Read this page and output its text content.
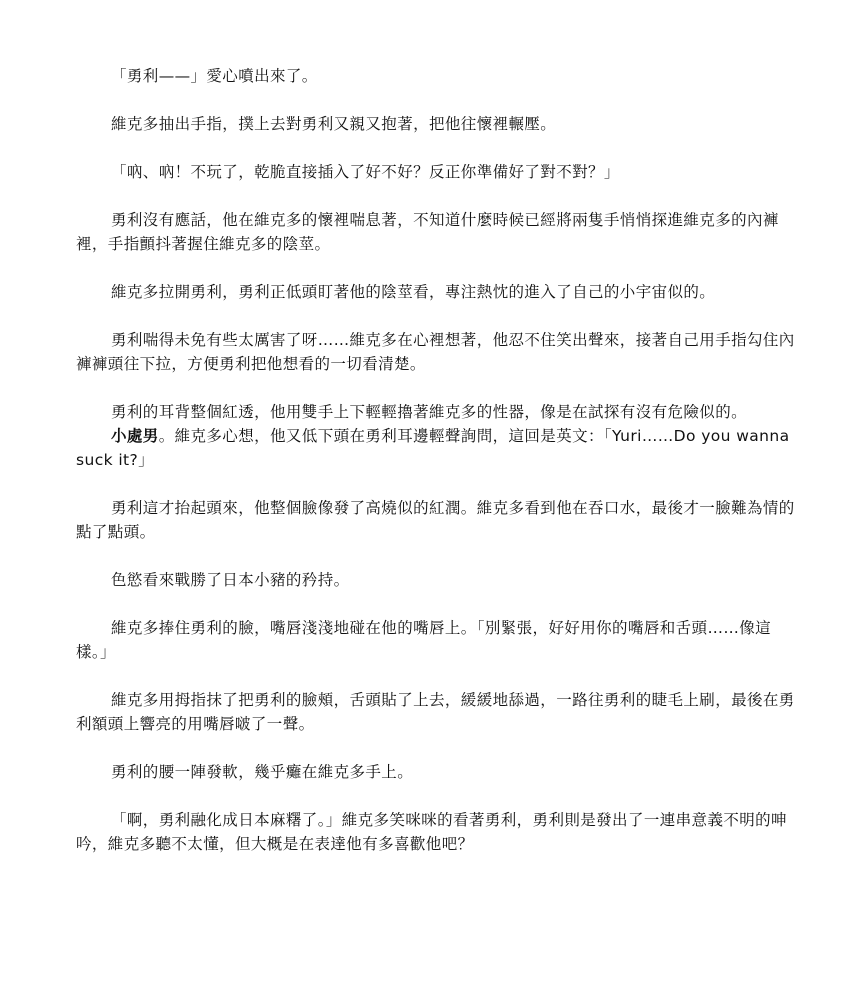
「勇利——」愛心噴出來了。

維克多抽出手指，撲上去對勇利又親又抱著，把他往懷裡輾壓。

「吶、吶！不玩了，乾脆直接插入了好不好？反正你準備好了對不對？」

勇利沒有應話，他在維克多的懷裡喘息著，不知道什麼時候已經將兩隻手悄悄探進維克多的內褲裡，手指顫抖著握住維克多的陰莖。

維克多拉開勇利，勇利正低頭盯著他的陰莖看，專注熱忱的進入了自己的小宇宙似的。

勇利喘得未免有些太厲害了呀……維克多在心裡想著，他忍不住笑出聲來，接著自己用手指勾住內褲褲頭往下拉，方便勇利把他想看的一切看清楚。

勇利的耳背整個紅透，他用雙手上下輕輕擼著維克多的性器，像是在試探有沒有危險似的。

小處男。維克多心想，他又低下頭在勇利耳邊輕聲詢問，這回是英文：「Yuri……Do you wanna suck it?」

勇利這才抬起頭來，他整個臉像發了高燒似的紅潤。維克多看到他在吞口水，最後才一臉難為情的點了點頭。

色慾看來戰勝了日本小豬的矜持。

維克多捧住勇利的臉，嘴唇淺淺地碰在他的嘴唇上。「別緊張，好好用你的嘴唇和舌頭……像這樣。」

維克多用拇指抹了把勇利的臉頰，舌頭貼了上去，緩緩地舔過，一路往勇利的睫毛上刷，最後在勇利額頭上響亮的用嘴唇啵了一聲。

勇利的腰一陣發軟，幾乎癱在維克多手上。

「啊，勇利融化成日本麻糬了。」維克多笑咪咪的看著勇利，勇利則是發出了一連串意義不明的呻吟，維克多聽不太懂，但大概是在表達他有多喜歡他吧？
